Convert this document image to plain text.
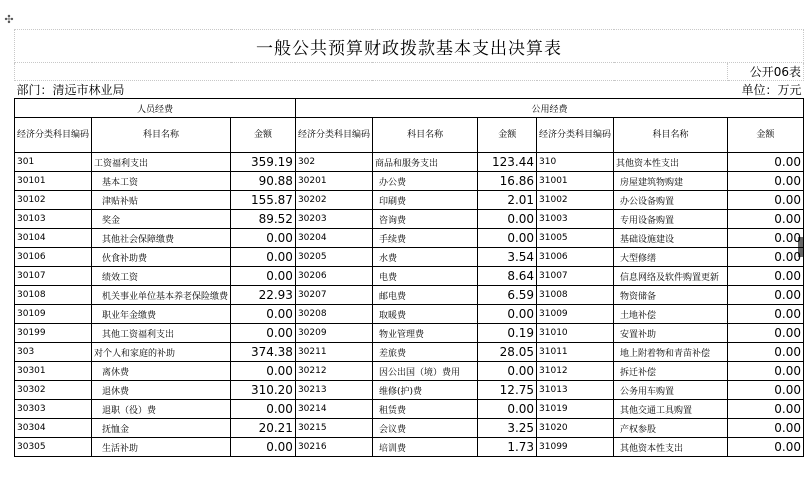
✣
一般公共预算财政拨款基本支出决算表								
								公开06表
部门：清远市林业局								单位：万元
人员经费			公用经费					
经济分类科目编码	科目名称	金额	经济分类科目编码	科目名称	金额	经济分类科目编码	科目名称	金额
301	工资福利支出	359.19	302	商品和服务支出	123.44	310	其他资本性支出	0.00
30101	基本工资	90.88	30201	办公费	16.86	31001	房屋建筑物购建	0.00
30102	津贴补贴	155.87	30202	印刷费	2.01	31002	办公设备购置	0.00
30103	奖金	89.52	30203	咨询费	0.00	31003	专用设备购置	0.00
30104	其他社会保障缴费	0.00	30204	手续费	0.00	31005	基础设施建设	0.00
30106	伙食补助费	0.00	30205	水费	3.54	31006	大型修缮	0.00
30107	绩效工资	0.00	30206	电费	8.64	31007	信息网络及软件购置更新	0.00
30108	机关事业单位基本养老保险缴费	22.93	30207	邮电费	6.59	31008	物资储备	0.00
30109	职业年金缴费	0.00	30208	取暖费	0.00	31009	土地补偿	0.00
30199	其他工资福利支出	0.00	30209	物业管理费	0.19	31010	安置补助	0.00
303	对个人和家庭的补助	374.38	30211	差旅费	28.05	31011	地上附着物和青苗补偿	0.00
30301	离休费	0.00	30212	因公出国（境）费用	0.00	31012	拆迁补偿	0.00
30302	退休费	310.20	30213	维修(护)费	12.75	31013	公务用车购置	0.00
30303	退职（役）费	0.00	30214	租赁费	0.00	31019	其他交通工具购置	0.00
30304	抚恤金	20.21	30215	会议费	3.25	31020	产权参股	0.00
30305	生活补助	0.00	30216	培训费	1.73	31099	其他资本性支出	0.00
